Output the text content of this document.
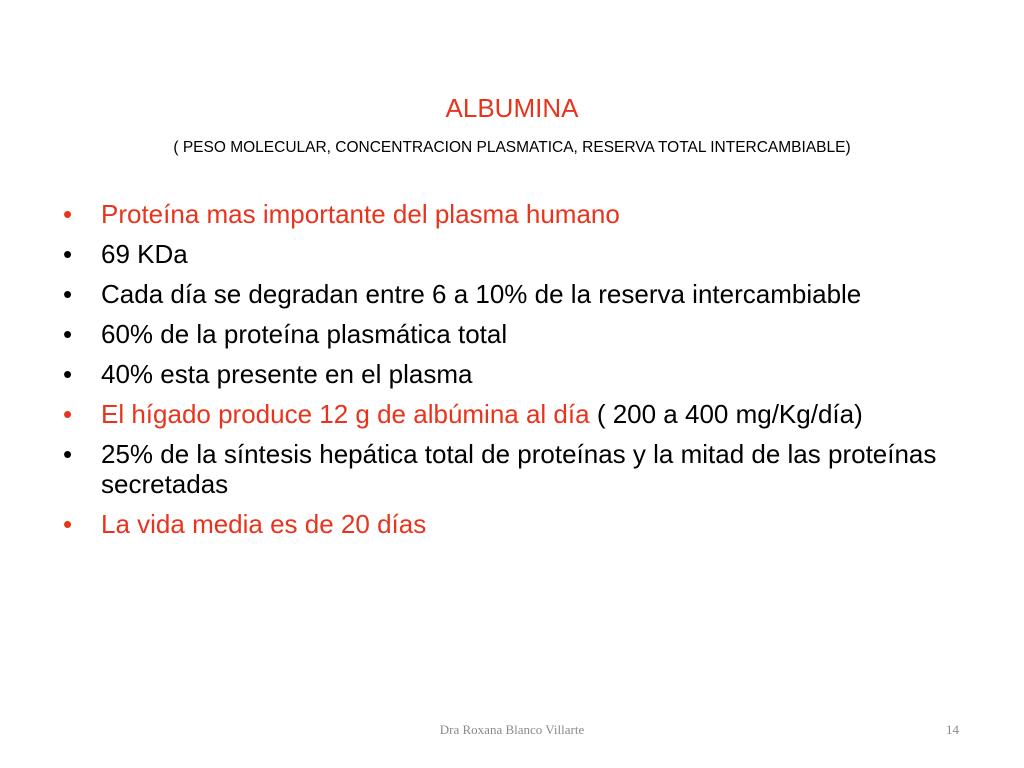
ALBUMINA
( PESO MOLECULAR, CONCENTRACION PLASMATICA, RESERVA TOTAL INTERCAMBIABLE)
• Proteína mas importante del plasma humano
• 69 KDa
• Cada día se degradan entre 6 a 10% de la reserva intercambiable
• 60% de la proteína plasmática total
• 40% esta presente en el plasma
• El hígado produce 12 g de albúmina al día ( 200 a 400 mg/Kg/día)
• 25% de la síntesis hepática total de proteínas y la mitad de las proteínas secretadas
• La vida media es de 20 días
Dra Roxana Blanco Villarte	14
